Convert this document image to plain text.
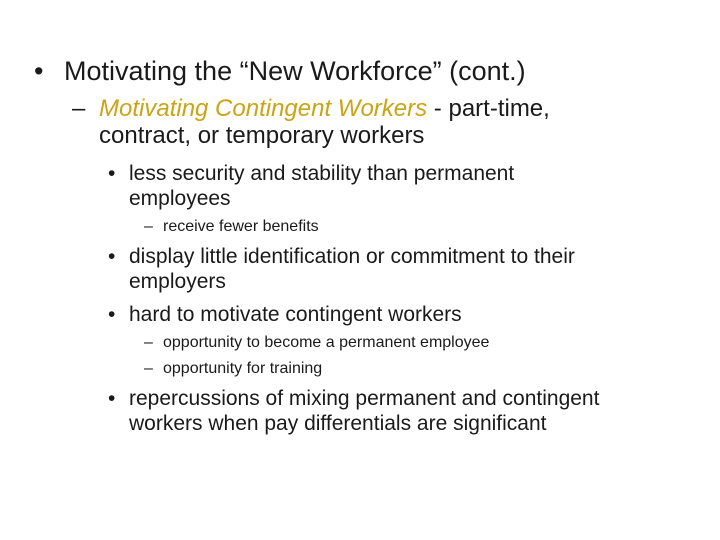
• Motivating the “New Workforce” (cont.)
– Motivating Contingent Workers - part-time,
contract, or temporary workers
• less security and stability than permanent
employees
– receive fewer benefits
• display little identification or commitment to their
employers
• hard to motivate contingent workers
– opportunity to become a permanent employee
– opportunity for training
• repercussions of mixing permanent and contingent
workers when pay differentials are significant
